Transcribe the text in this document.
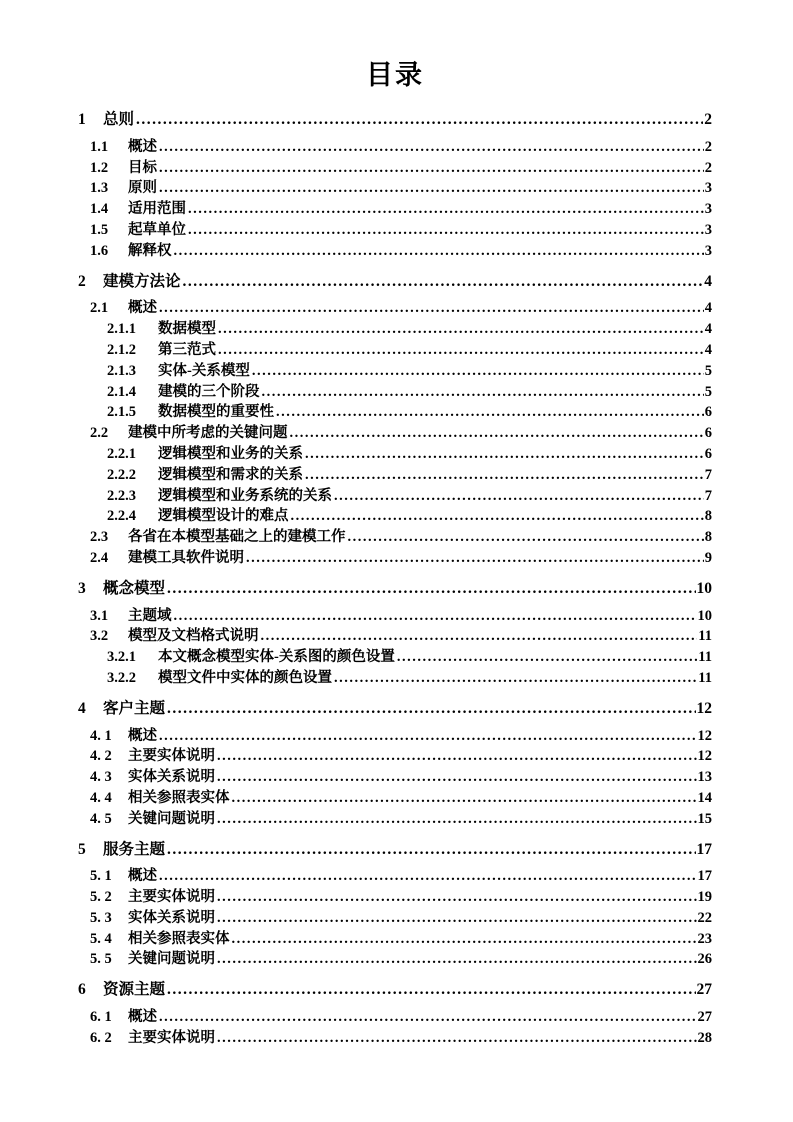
目录
1	总则 .....	2
1.1	概述 .....	2
1.2	目标 .....	2
1.3	原则 .....	3
1.4	适用范围 .....	3
1.5	起草单位 .....	3
1.6	解释权 .....	3
2	建模方法论 .....	4
2.1	概述 .....	4
2.1.1	数据模型 .....	4
2.1.2	第三范式 .....	4
2.1.3	实体-关系模型 .....	5
2.1.4	建模的三个阶段 .....	5
2.1.5	数据模型的重要性 .....	6
2.2	建模中所考虑的关键问题 .....	6
2.2.1	逻辑模型和业务的关系 .....	6
2.2.2	逻辑模型和需求的关系 .....	7
2.2.3	逻辑模型和业务系统的关系 .....	7
2.2.4	逻辑模型设计的难点 .....	8
2.3	各省在本模型基础之上的建模工作 .....	8
2.4	建模工具软件说明 .....	9
3	概念模型 .....	10
3.1	主题域 .....	10
3.2	模型及文档格式说明 .....	11
3.2.1	本文概念模型实体-关系图的颜色设置 .....	11
3.2.2	模型文件中实体的颜色设置 .....	11
4	客户主题 .....	12
4. 1	概述 .....	12
4. 2	主要实体说明 .....	12
4. 3	实体关系说明 .....	13
4. 4	相关参照表实体 .....	14
4. 5	关键问题说明 .....	15
5	服务主题 .....	17
5. 1	概述 .....	17
5. 2	主要实体说明 .....	19
5. 3	实体关系说明 .....	22
5. 4	相关参照表实体 .....	23
5. 5	关键问题说明 .....	26
6	资源主题 .....	27
6. 1	概述 .....	27
6. 2	主要实体说明 .....	28
